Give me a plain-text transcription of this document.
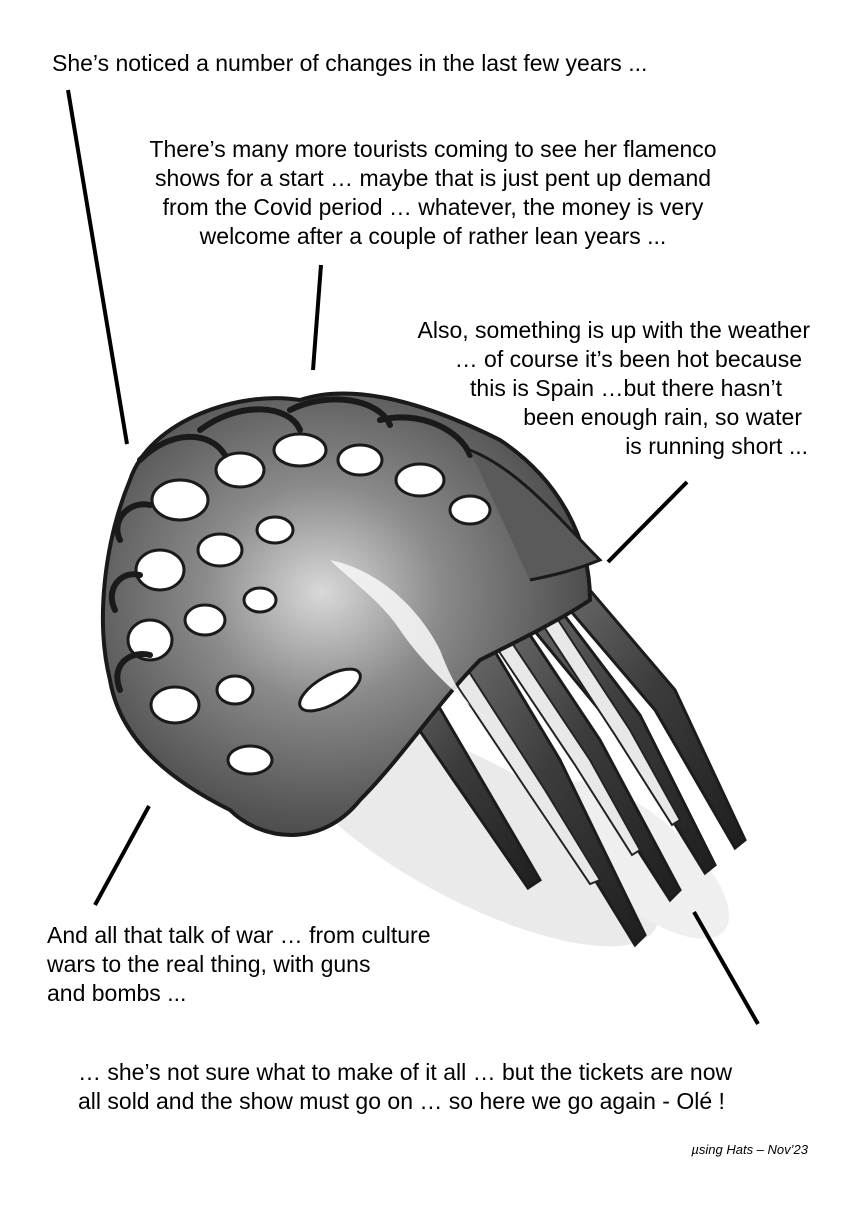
She’s noticed a number of changes in the last few years ...
There’s many more tourists coming to see her flamenco
shows for a start … maybe that is just pent up demand
from the Covid period … whatever, the money is very
welcome after a couple of rather lean years ...
Also, something is up with the weather
… of course it’s been hot because
this is Spain …but there hasn’t
been enough rain, so water
is running short ...
And all that talk of war … from culture
wars to the real thing, with guns
and bombs ...
… she’s not sure what to make of it all … but the tickets are now
all sold and the show must go on … so here we go again - Olé !
µsing Hats – Nov’23
